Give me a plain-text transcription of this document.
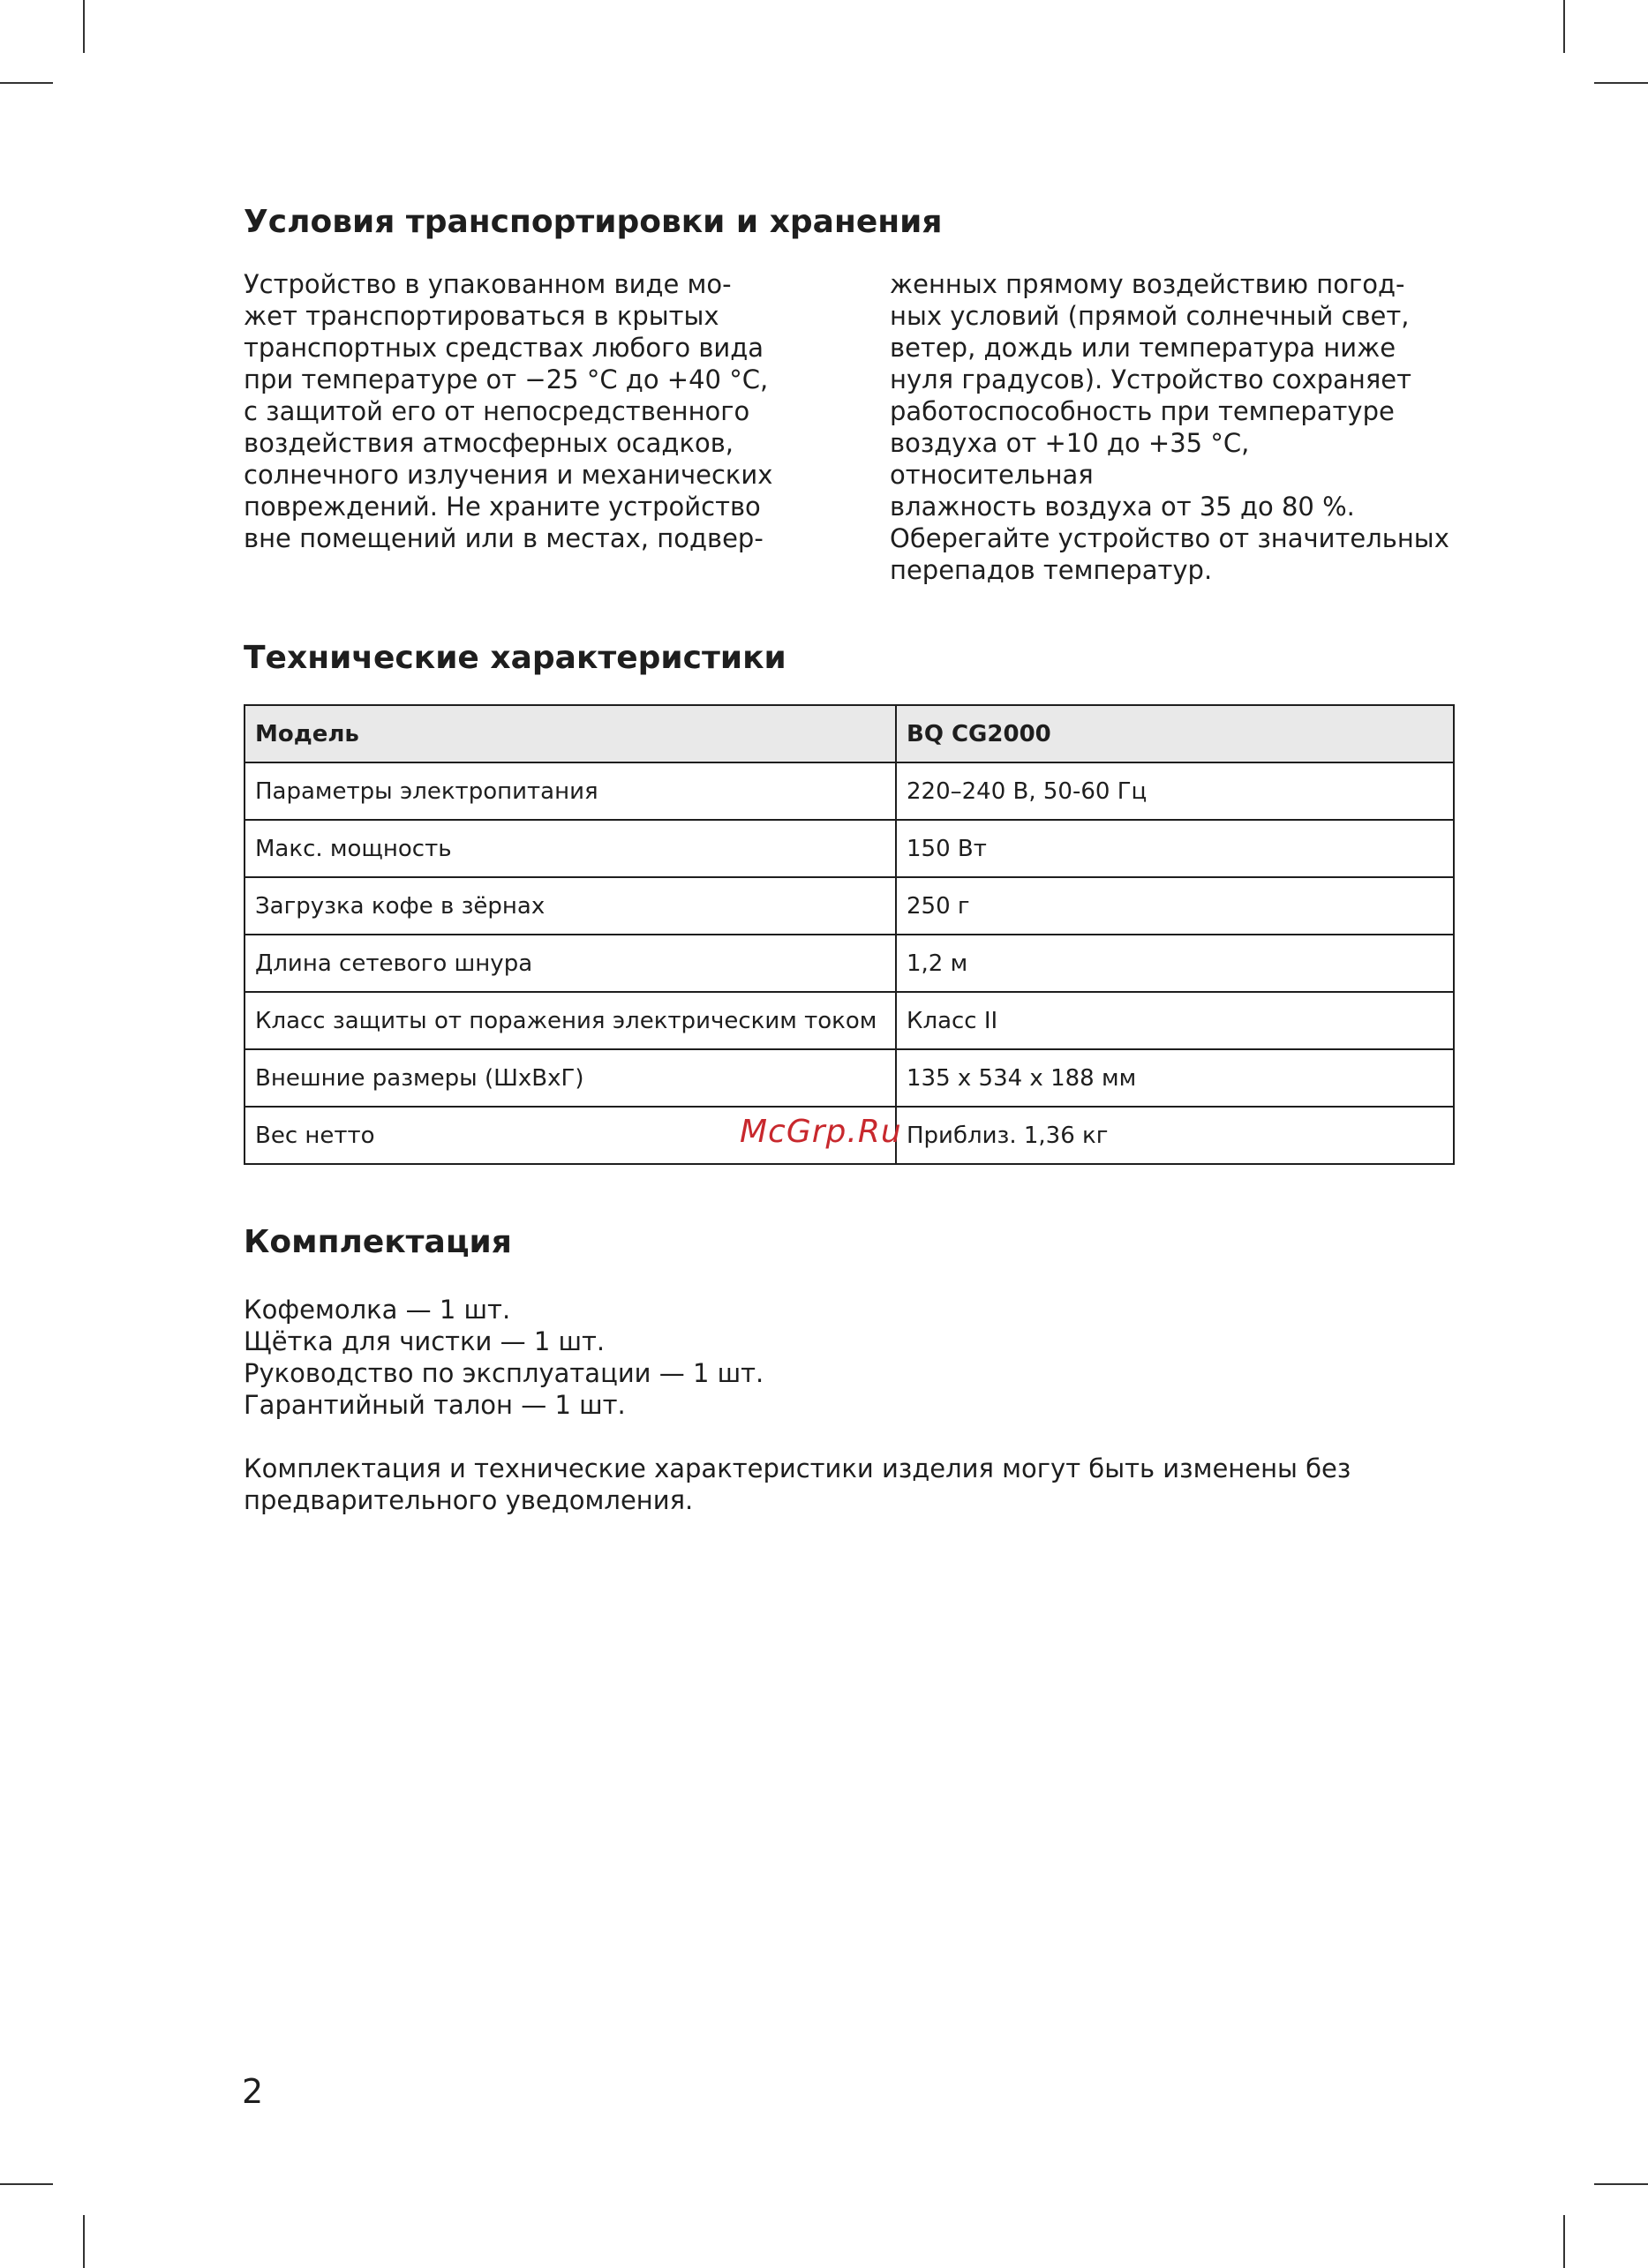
Условия транспортировки и хранения
Устройство в упакованном виде мо-
жет транспортироваться в крытых
транспортных средствах любого вида
при температуре от −25 °C до +40 °C,
с защитой его от непосредственного
воздействия атмосферных осадков,
солнечного излучения и механических
повреждений. Не храните устройство
вне помещений или в местах, подвер-
женных прямому воздействию погод-
ных условий (прямой солнечный свет,
ветер, дождь или температура ниже
нуля градусов). Устройство сохраняет
работоспособность при температуре
воздуха от +10 до +35 °C, относительная
влажность воздуха от 35 до 80 %.
Оберегайте устройство от значительных
перепадов температур.
Технические характеристики
Модель	BQ CG2000
Параметры электропитания	220–240 В, 50-60 Гц
Макс. мощность	150 Вт
Загрузка кофе в зёрнах	250 г
Длина сетевого шнура	1,2 м
Класс защиты от поражения электрическим током	Класс II
Внешние размеры (ШхВхГ)	135 x 534 x 188 мм
Вес нетто	Приблиз. 1,36 кг
Комплектация
Кофемолка — 1 шт.
Щётка для чистки — 1 шт.
Руководство по эксплуатации — 1 шт.
Гарантийный талон — 1 шт.
Комплектация и технические характеристики изделия могут быть изменены без предварительного уведомления.
McGrp.Ru
2
